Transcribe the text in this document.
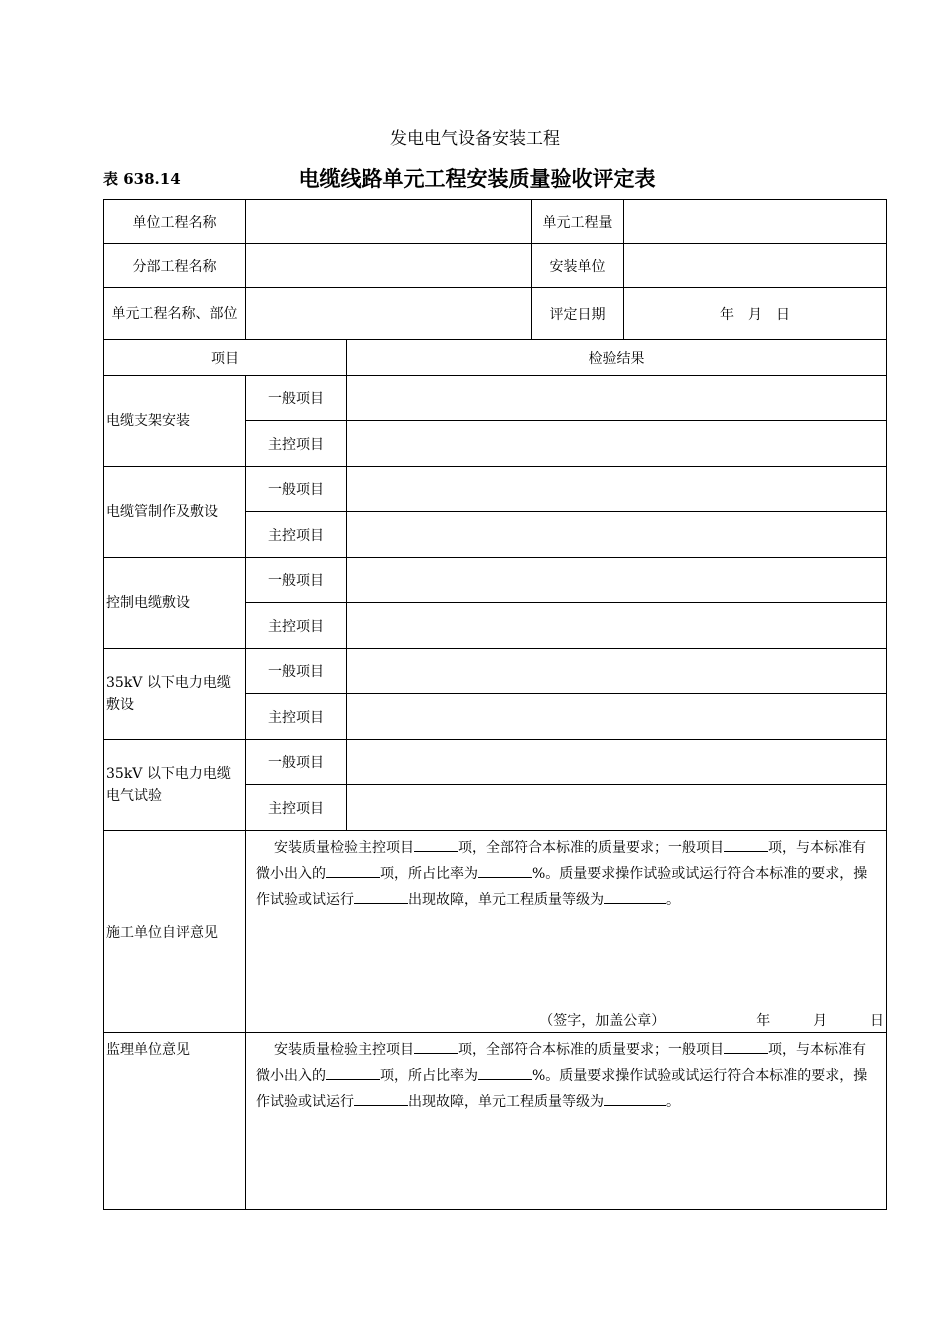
发电电气设备安装工程
表 638.14	电缆线路单元工程安装质量验收评定表
单位工程名称			单元工程量	
分部工程名称			安装单位	
单元工程名称、部位			评定日期	年　月　日
项目		检验结果		
电缆支架安装	一般项目			
	主控项目			
电缆管制作及敷设	一般项目			
	主控项目			
控制电缆敷设	一般项目			
	主控项目			
35kV 以下电力电缆敷设	一般项目			
	主控项目			
35kV 以下电力电缆电气试验	一般项目			
	主控项目			
施工单位自评意见	安装质量检验主控项目 项，全部符合本标准的质量要求；一般项目 项，与本标准有微小出入的 项，所占比率为 %。质量要求操作试验或试运行符合本标准的要求，操作试验或试运行 出现故障，单元工程质量等级为 。
（签字，加盖公章） 年 月 日			

监理单位意见	安装质量检验主控项目 项，全部符合本标准的质量要求；一般项目 项，与本标准有微小出入的 项，所占比率为 %。质量要求操作试验或试运行符合本标准的要求，操作试验或试运行 出现故障，单元工程质量等级为 。			
